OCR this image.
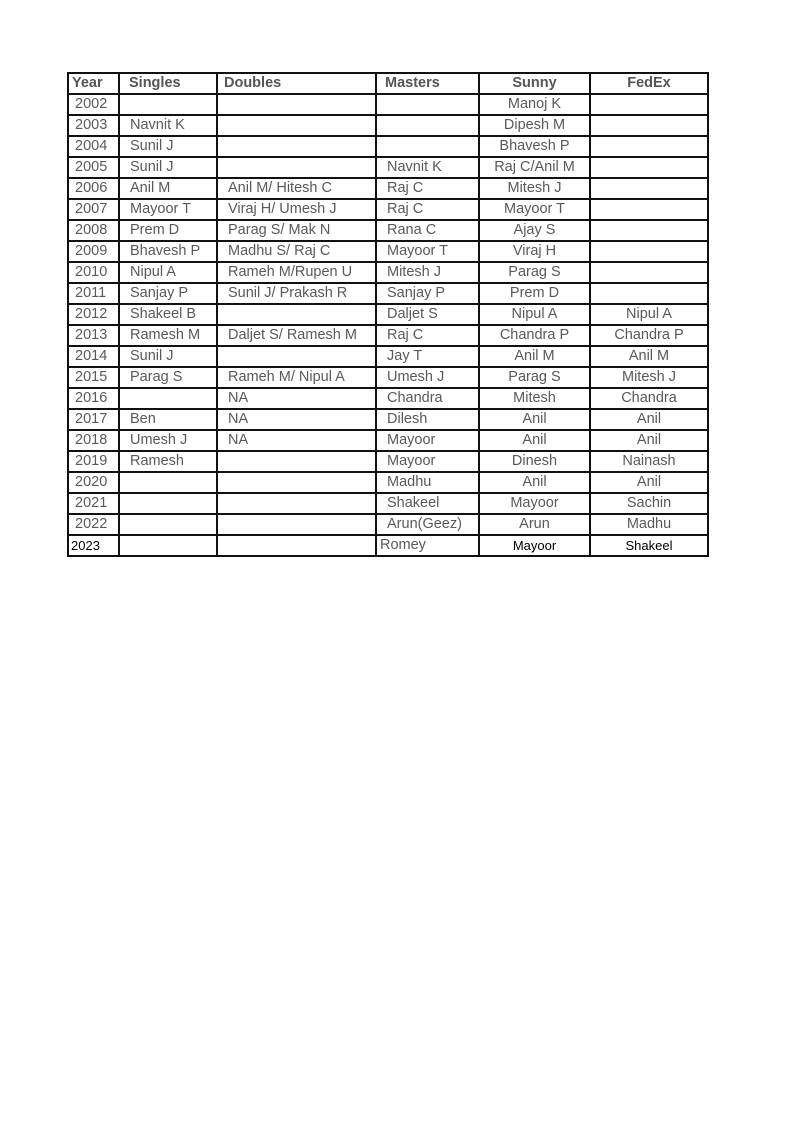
Year	Singles	Doubles	Masters	Sunny	FedEx
2002				Manoj K	
2003	Navnit K			Dipesh M	
2004	Sunil J			Bhavesh P	
2005	Sunil J		Navnit K	Raj C/Anil M	
2006	Anil M	Anil M/ Hitesh C	Raj C	Mitesh J	
2007	Mayoor T	Viraj H/ Umesh J	Raj C	Mayoor T	
2008	Prem D	Parag S/ Mak N	Rana C	Ajay S	
2009	Bhavesh P	Madhu S/ Raj C	Mayoor T	Viraj H	
2010	Nipul A	Rameh M/Rupen U	Mitesh J	Parag S	
2011	Sanjay P	Sunil J/ Prakash R	Sanjay P	Prem D	
2012	Shakeel B		Daljet S	Nipul A	Nipul A
2013	Ramesh M	Daljet S/ Ramesh M	Raj C	Chandra P	Chandra P
2014	Sunil J		Jay T	Anil M	Anil M
2015	Parag S	Rameh M/ Nipul A	Umesh J	Parag S	Mitesh J
2016		NA	Chandra	Mitesh	Chandra
2017	Ben	NA	Dilesh	Anil	Anil
2018	Umesh J	NA	Mayoor	Anil	Anil
2019	Ramesh		Mayoor	Dinesh	Nainash
2020			Madhu	Anil	Anil
2021			Shakeel	Mayoor	Sachin
2022			Arun(Geez)	Arun	Madhu
2023			Romey	Mayoor	Shakeel
